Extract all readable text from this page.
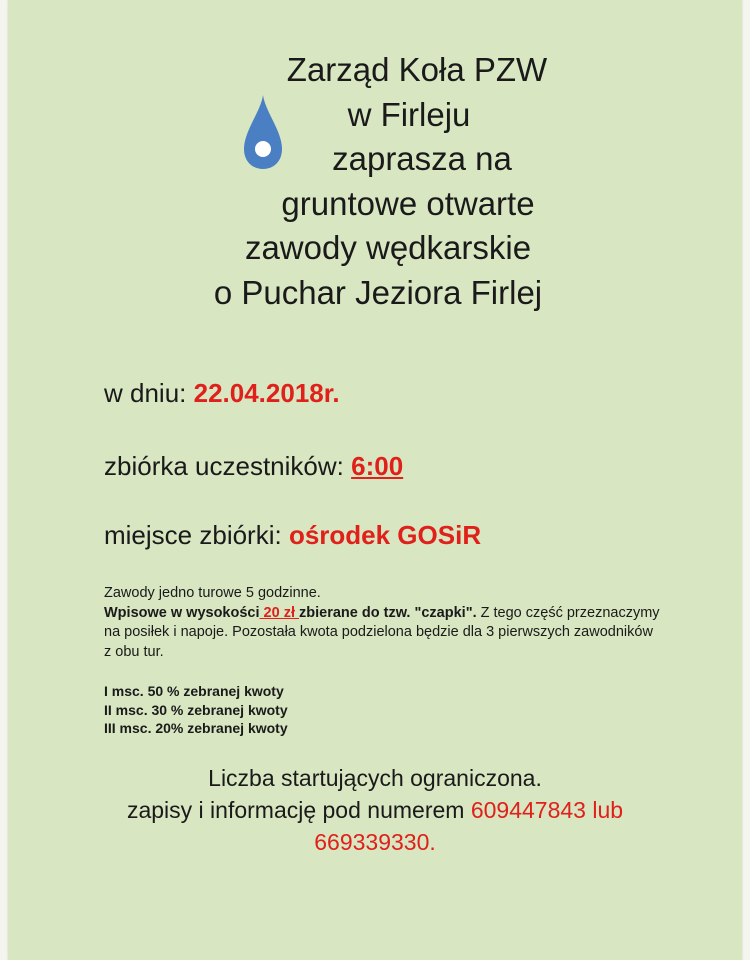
Zarząd Koła PZW
w Firleju
zaprasza na
gruntowe otwarte
zawody wędkarskie
o Puchar Jeziora Firlej
w dniu: 22.04.2018r.
zbiórka uczestników: 6:00
miejsce zbiórki: ośrodek GOSiR
Zawody jedno turowe 5 godzinne.
Wpisowe w wysokości 20 zł zbierane do tzw. "czapki". Z tego część przeznaczymy na posiłek i napoje. Pozostała kwota podzielona będzie dla 3 pierwszych zawodników z obu tur.
I msc. 50 % zebranej kwoty
II msc. 30 % zebranej kwoty
III msc. 20% zebranej kwoty
Liczba startujących ograniczona.
zapisy i informację pod numerem 609447843 lub
669339330.
